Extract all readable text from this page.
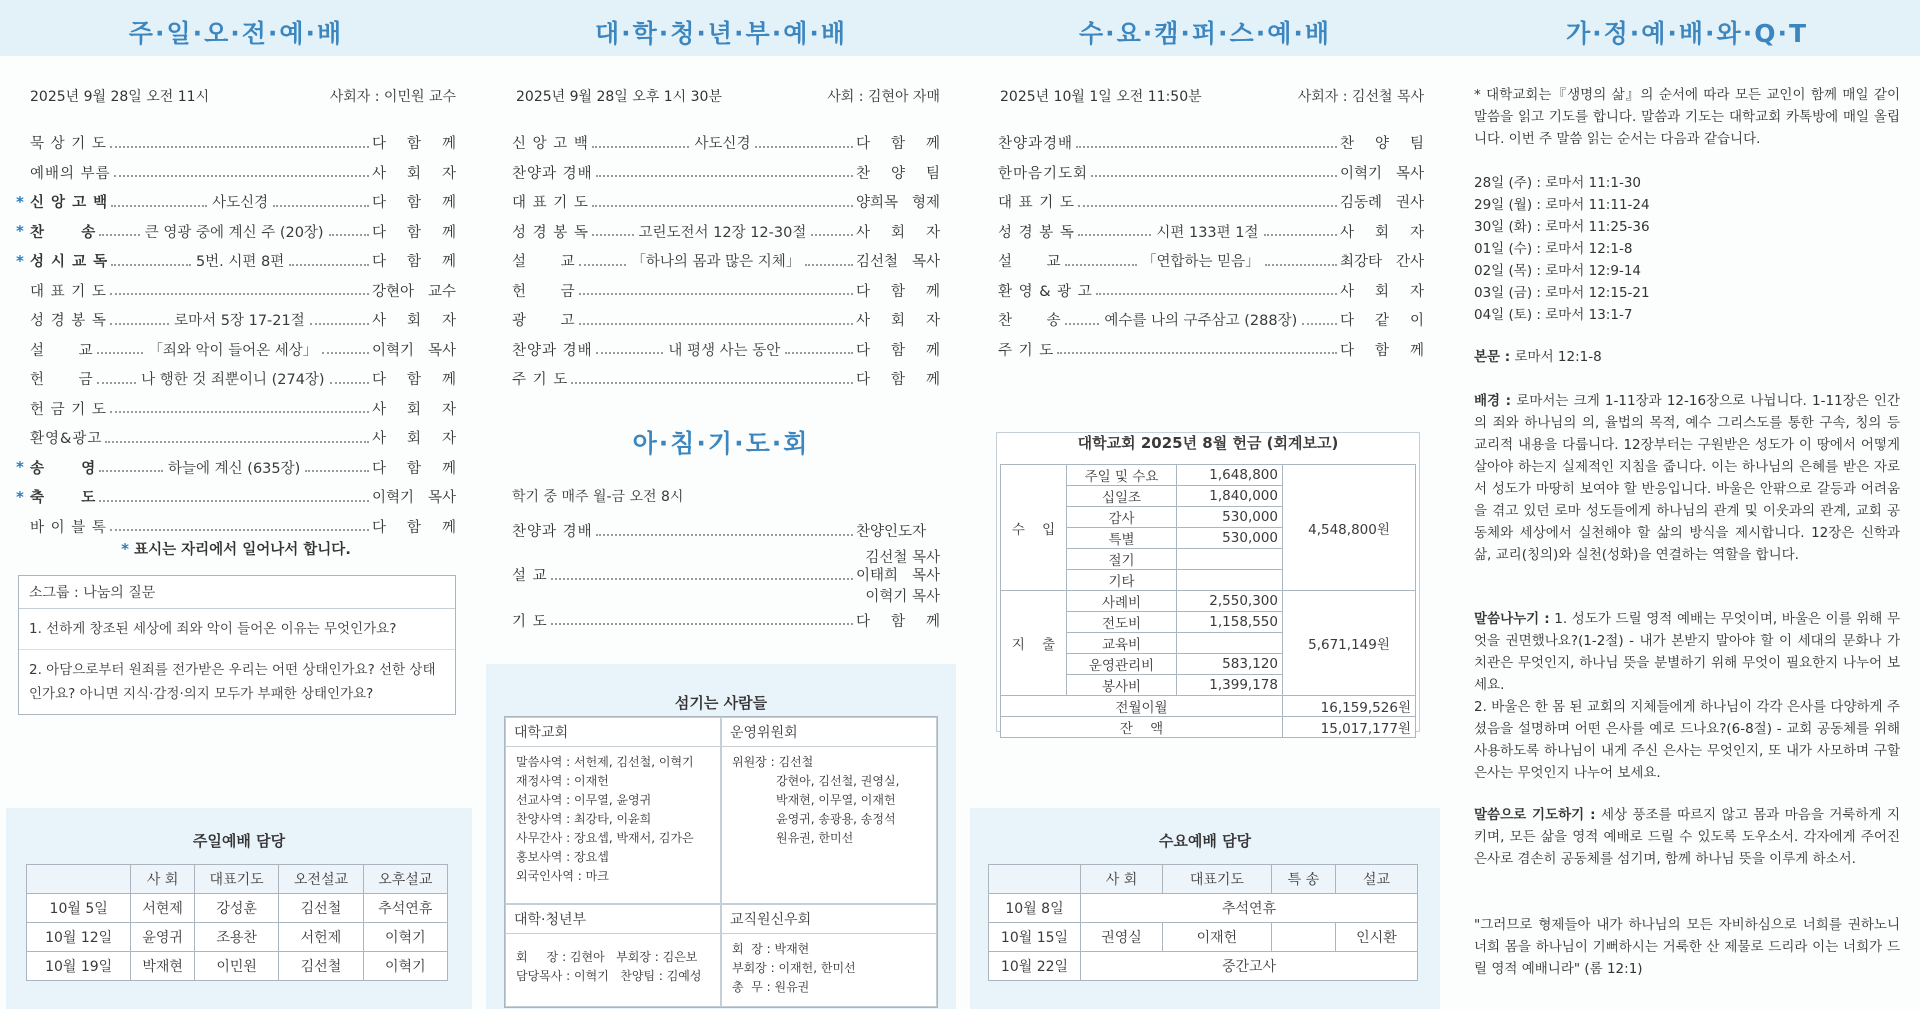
주·일·오·전·예·배
2025년 9월 28일 오전 11시	사회자 : 이민원 교수
묵 상 기 도	다 함 께
예배의 부름	사 회 자
* 신 앙 고 백	사도신경	다 함 께
* 찬      송	큰 영광 중에 계신 주 (20장)	다 함 께
* 성 시 교 독	5번. 시편 8편	다 함 께
대 표 기 도	강현아 교수
성 경 봉 독	로마서 5장 17-21절	사 회 자
설      교	「죄와 악이 들어온 세상」	이혁기 목사
헌      금	나 행한 것 죄뿐이니 (274장)	다 함 께
헌 금 기 도	사 회 자
환영&광고	사 회 자
* 송      영	하늘에 계신 (635장)	다 함 께
* 축      도	이혁기 목사
바 이 블 톡	다 함 께
* 표시는 자리에서 일어나서 합니다.
소그룹 : 나눔의 질문
1. 선하게 창조된 세상에 죄와 악이 들어온 이유는 무엇인가요?
2. 아담으로부터 원죄를 전가받은 우리는 어떤 상태인가요? 선한 상태인가요? 아니면 지식·감정·의지 모두가 부패한 상태인가요?
주일예배 담당
	사 회	대표기도	오전설교	오후설교
10월 5일	서현제	강성훈	김선철	추석연휴
10월 12일	윤영귀	조용찬	서헌제	이혁기
10월 19일	박재현	이민원	김선철	이혁기
대·학·청·년·부·예·배
2025년 9월 28일 오후 1시 30분	사회 : 김현아 자매
신 앙 고 백	사도신경	다 함 께
찬양과 경배	찬 양 팀
대 표 기 도	양희목 형제
성 경 봉 독	고린도전서 12장 12-30절	사 회 자
설      교	「하나의 몸과 많은 지체」	김선철 목사
헌      금	다 함 께
광      고	사 회 자
찬양과 경배	내 평생 사는 동안	다 함 께
주 기 도	다 함 께
아·침·기·도·회
학기 중 매주 월-금 오전 8시
찬양과 경배	찬양인도자
김선철 목사
설 교	이태희 목사
이혁기 목사
기 도	다 함 께
섬기는 사람들
대학교회
말씀사역 : 서헌제, 김선철, 이혁기
재정사역 : 이재헌
선교사역 : 이무열, 윤영귀
찬양사역 : 최강타, 이윤희
사무간사 : 장요셉, 박재서, 김가은
홍보사역 : 장요셉
외국인사역 : 마크
운영위원회
위원장 : 김선철
강현아, 김선철, 권영실,
박재현, 이무열, 이재헌
윤영귀, 송광용, 송정석
원유권, 한미선
대학·청년부
회     장 : 김현아   부회장 : 김은보
담당목사 : 이혁기   찬양팀 : 김예성
교직원신우회
회  장 : 박재현
부회장 : 이재헌, 한미선
총  무 : 원유권
수·요·캠·퍼·스·예·배
2025년 10월 1일 오전 11:50분	사회자 : 김선철 목사
찬양과경배	찬 양 팀
한마음기도회	이혁기 목사
대 표 기 도	김동례 권사
성 경 봉 독	시편 133편 1절	사 회 자
설      교	「연합하는 믿음」	최강타 간사
환 영 & 광 고	사 회 자
찬      송	예수를 나의 구주삼고 (288장)	다 같 이
주 기 도	다 함 께
대학교회 2025년 8월 헌금 (회계보고)
수    입	주일 및 수요	1,648,800	4,548,800원
	십일조	1,840,000	
	감사	530,000	
	특별	530,000	
	절기		
	기타		
지    출	사례비	2,550,300	5,671,149원
	전도비	1,158,550	
	교육비		
	운영관리비	583,120	
	봉사비	1,399,178	
전월이월			16,159,526원
잔    액			15,017,177원
수요예배 담당
	사 회	대표기도	특 송	설교
10월 8일	추석연휴			
10월 15일	권영실	이재헌		인시환
10월 22일	중간고사			
가·정·예·배·와·Q·T
* 대학교회는『생명의 삶』의 순서에 따라 모든 교인이 함께 매일 같이 말씀을 읽고 기도를 합니다. 말씀과 기도는 대학교회 카톡방에 매일 올립니다. 이번 주 말씀 읽는 순서는 다음과 같습니다.
28일 (주) : 로마서 11:1-30
29일 (월) : 로마서 11:11-24
30일 (화) : 로마서 11:25-36
01일 (수) : 로마서 12:1-8
02일 (목) : 로마서 12:9-14
03일 (금) : 로마서 12:15-21
04일 (토) : 로마서 13:1-7
본문 : 로마서 12:1-8
배경 : 로마서는 크게 1-11장과 12-16장으로 나뉩니다. 1-11장은 인간의 죄와 하나님의 의, 율법의 목적, 예수 그리스도를 통한 구속, 칭의 등 교리적 내용을 다룹니다. 12장부터는 구원받은 성도가 이 땅에서 어떻게 살아야 하는지 실제적인 지침을 줍니다. 이는 하나님의 은혜를 받은 자로서 성도가 마땅히 보여야 할 반응입니다. 바울은 안팎으로 갈등과 어려움을 겪고 있던 로마 성도들에게 하나님의 관계 및 이웃과의 관계, 교회 공동체와 세상에서 실천해야 할 삶의 방식을 제시합니다. 12장은 신학과 삶, 교리(칭의)와 실천(성화)을 연결하는 역할을 합니다.
말씀나누기 : 1. 성도가 드릴 영적 예배는 무엇이며, 바울은 이를 위해 무엇을 권면했나요?(1-2절) - 내가 본받지 말아야 할 이 세대의 문화나 가치관은 무엇인지, 하나님 뜻을 분별하기 위해 무엇이 필요한지 나누어 보세요.
2. 바울은 한 몸 된 교회의 지체들에게 하나님이 각각 은사를 다양하게 주셨음을 설명하며 어떤 은사를 예로 드나요?(6-8절) - 교회 공동체를 위해 사용하도록 하나님이 내게 주신 은사는 무엇인지, 또 내가 사모하며 구할 은사는 무엇인지 나누어 보세요.
말씀으로 기도하기 : 세상 풍조를 따르지 않고 몸과 마음을 거룩하게 지키며, 모든 삶을 영적 예배로 드릴 수 있도록 도우소서. 각자에게 주어진 은사로 겸손히 공동체를 섬기며, 함께 하나님 뜻을 이루게 하소서.
"그러므로 형제들아 내가 하나님의 모든 자비하심으로 너희를 권하노니 너희 몸을 하나님이 기뻐하시는 거룩한 산 제물로 드리라 이는 너희가 드릴 영적 예배니라" (롬 12:1)
